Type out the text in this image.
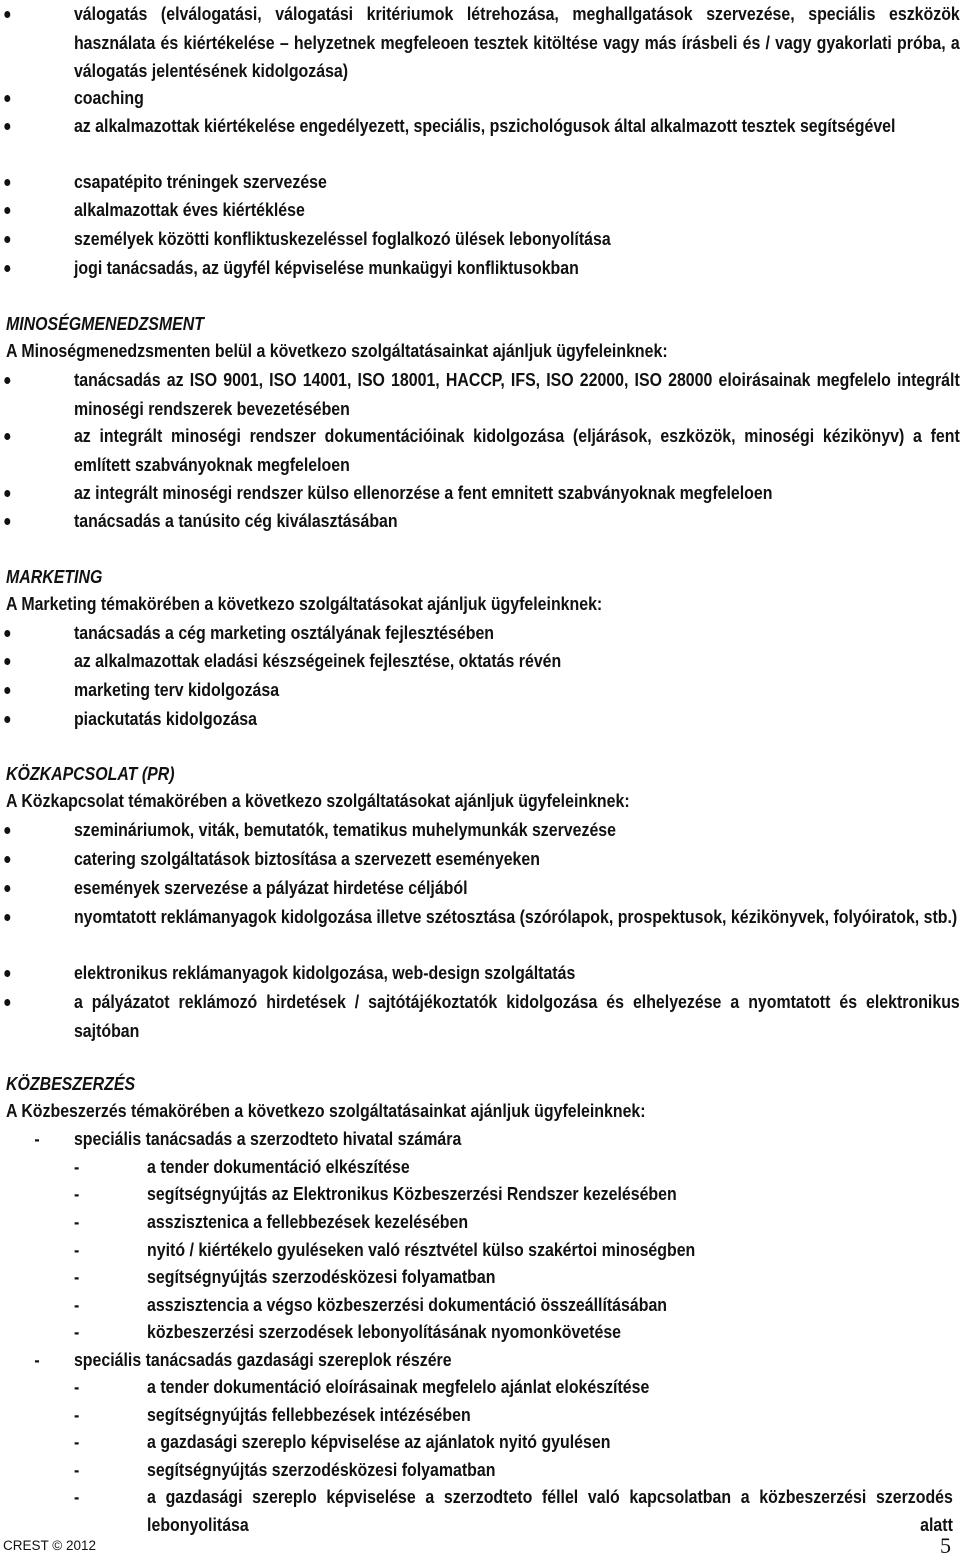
válogatás (elválogatási, válogatási kritériumok létrehozása, meghallgatások szervezése, speciális eszközök használata és kiértékelése – helyzetnek megfeleoen tesztek kitöltése vagy más írásbeli és / vagy gyakorlati próba, a válogatás jelentésének kidolgozása)
coaching
az alkalmazottak kiértékelése engedélyezett, speciális, pszichológusok által alkalmazott tesztek segítségével
csapatépito tréningek szervezése
alkalmazottak éves kiértéklése
személyek közötti konfliktuskezeléssel foglalkozó ülések lebonyolítása
jogi tanácsadás, az ügyfél képviselése munkaügyi konfliktusokban
MINOSÉGMENEDZSMENT
A Minoségmenedzsmenten belül a következo szolgáltatásainkat ajánljuk ügyfeleinknek:
tanácsadás az ISO 9001, ISO 14001, ISO 18001, HACCP, IFS, ISO 22000, ISO 28000 eloirásainak megfelelo integrált minoségi rendszerek bevezetésében
az integrált minoségi rendszer dokumentációinak kidolgozása (eljárások, eszközök, minoségi kézikönyv) a fent említett szabványoknak megfeleloen
az integrált minoségi rendszer külso ellenorzése a fent emnitett szabványoknak megfeleloen
tanácsadás a tanúsito cég kiválasztásában
MARKETING
A Marketing témakörében a következo szolgáltatásokat ajánljuk ügyfeleinknek:
tanácsadás a cég marketing osztályának fejlesztésében
az alkalmazottak eladási készségeinek fejlesztése, oktatás révén
marketing terv kidolgozása
piackutatás kidolgozása
KÖZKAPCSOLAT (PR)
A Közkapcsolat témakörében a következo szolgáltatásokat ajánljuk ügyfeleinknek:
szemináriumok, viták, bemutatók, tematikus muhelymunkák szervezése
catering szolgáltatások biztosítása a szervezett eseményeken
események szervezése a pályázat hirdetése céljából
nyomtatott reklámanyagok kidolgozása illetve szétosztása (szórólapok, prospektusok, kézikönyvek, folyóiratok, stb.)
elektronikus reklámanyagok kidolgozása, web-design szolgáltatás
a pályázatot reklámozó hirdetések / sajtótájékoztatók kidolgozása és elhelyezése a nyomtatott és elektronikus sajtóban
KÖZBESZERZÉS
A Közbeszerzés témakörében a következo szolgáltatásainkat ajánljuk ügyfeleinknek:
- speciális tanácsadás a szerzodteto hivatal számára
-	a tender dokumentáció elkészítése
-	segítségnyújtás az Elektronikus Közbeszerzési Rendszer kezelésében
-	asszisztenica a fellebbezések kezelésében
-	nyitó / kiértékelo gyuléseken való résztvétel külso szakértoi minoségben
-	segítségnyújtás szerzodésközesi folyamatban
-	asszisztencia a végso közbeszerzési dokumentáció összeállításában
-	közbeszerzési szerzodések lebonyolításának nyomonkövetése
- speciális tanácsadás gazdasági szereplok részére
-	a tender dokumentáció eloírásainak megfelelo ajánlat elokészítése
-	segítségnyújtás fellebbezések intézésében
-	a gazdasági szereplo képviselése az ajánlatok nyitó gyulésen
-	segítségnyújtás szerzodésközesi folyamatban
-	a gazdasági szereplo képviselése a szerzodteto féllel való kapcsolatban a közbeszerzési szerzodés lebonyolitása alatt
CREST © 2012	5
